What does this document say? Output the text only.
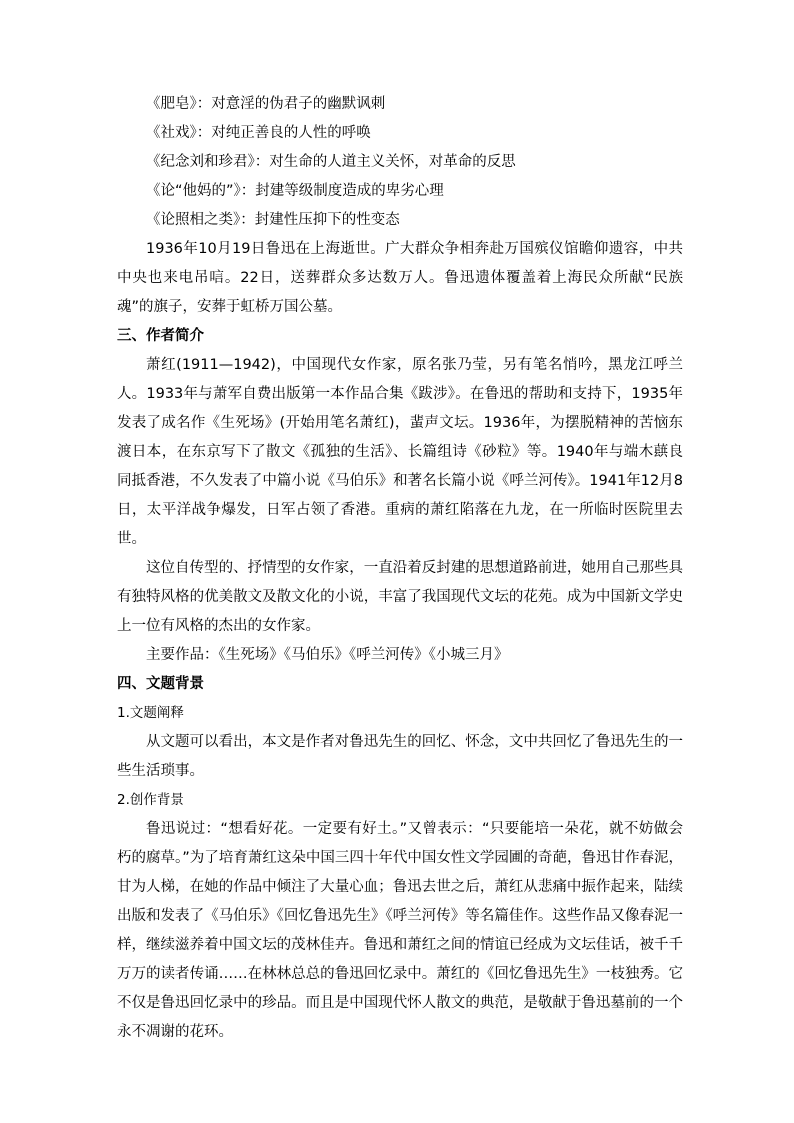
《肥皂》：对意淫的伪君子的幽默讽刺

《社戏》：对纯正善良的人性的呼唤

《纪念刘和珍君》：对生命的人道主义关怀，对革命的反思

《论“他妈的”》：封建等级制度造成的卑劣心理

《论照相之类》：封建性压抑下的性变态

1936年10月19日鲁迅在上海逝世。广大群众争相奔赴万国殡仪馆瞻仰遗容，中共中央也来电吊唁。22日，送葬群众多达数万人。鲁迅遗体覆盖着上海民众所献“民族魂”的旗子，安葬于虹桥万国公墓。

三、作者简介

萧红(1911—1942)，中国现代女作家，原名张乃莹，另有笔名悄吟，黑龙江呼兰人。1933年与萧军自费出版第一本作品合集《跋涉》。在鲁迅的帮助和支持下，1935年发表了成名作《生死场》(开始用笔名萧红)，蜚声文坛。1936年，为摆脱精神的苦恼东渡日本，在东京写下了散文《孤独的生活》、长篇组诗《砂粒》等。1940年与端木蕻良同抵香港，不久发表了中篇小说《马伯乐》和著名长篇小说《呼兰河传》。1941年12月8日，太平洋战争爆发，日军占领了香港。重病的萧红陷落在九龙，在一所临时医院里去世。

这位自传型的、抒情型的女作家，一直沿着反封建的思想道路前进，她用自己那些具有独特风格的优美散文及散文化的小说，丰富了我国现代文坛的花苑。成为中国新文学史上一位有风格的杰出的女作家。

主要作品：《生死场》《马伯乐》《呼兰河传》《小城三月》

四、文题背景

1.文题阐释

从文题可以看出，本文是作者对鲁迅先生的回忆、怀念，文中共回忆了鲁迅先生的一些生活琐事。

2.创作背景

鲁迅说过：“想看好花。一定要有好土。”又曾表示：“只要能培一朵花，就不妨做会朽的腐草。”为了培育萧红这朵中国三四十年代中国女性文学园圃的奇葩，鲁迅甘作春泥，甘为人梯，在她的作品中倾注了大量心血；鲁迅去世之后，萧红从悲痛中振作起来，陆续出版和发表了《马伯乐》《回忆鲁迅先生》《呼兰河传》等名篇佳作。这些作品又像春泥一样，继续滋养着中国文坛的茂林佳卉。鲁迅和萧红之间的情谊已经成为文坛佳话，被千千万万的读者传诵……在林林总总的鲁迅回忆录中。萧红的《回忆鲁迅先生》一枝独秀。它不仅是鲁迅回忆录中的珍品。而且是中国现代怀人散文的典范，是敬献于鲁迅墓前的一个永不凋谢的花环。
